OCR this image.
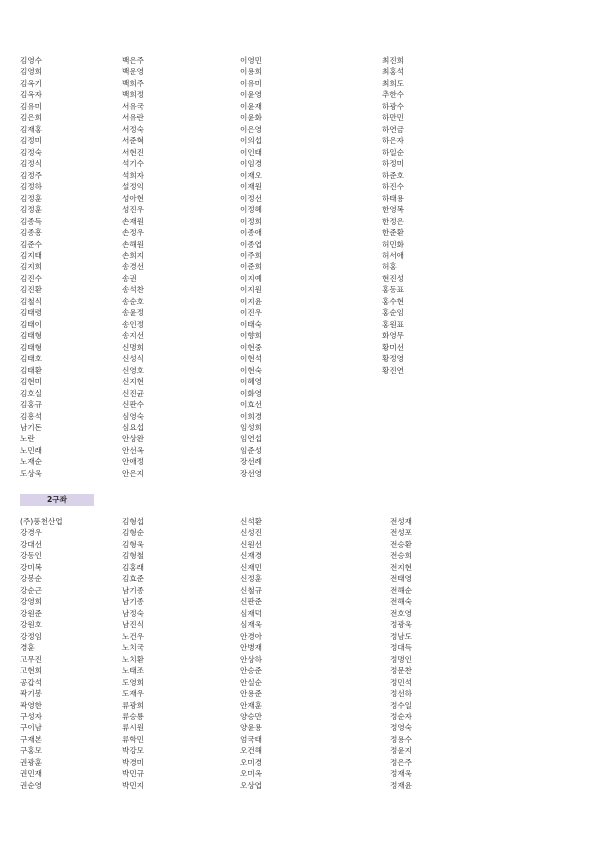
김영수	백은주	이영민	최진희
김영희	백운영	이용희	최홍석
김옥기	백희주	이유미	최희도
김옥자	백희정	이윤영	추한수
김유미	서유국	이윤재	하광수
김은희	서유란	이윤화	하만민
김재홍	서정숙	이은영	하연금
김정미	서준혁	이의섭	하은자
김정숙	서현진	이인태	하일순
김정식	석기수	이임경	하정미
김정주	석희자	이재오	하준호
김정하	설정익	이재원	하진수
김정훈	성아현	이정선	하태용
김정훈	성진우	이정혜	한영복
김종득	손재원	이정희	한정은
김종흥	손정우	이종애	한준환
김준수	손해원	이종엽	허민화
김지태	손희지	이주희	허서애
김지희	송경선	이준희	허홍
김진수	송권	이지예	현진성
김진환	송석찬	이지원	홍동표
김철식	송순호	이지윤	홍수현
김태령	송윤정	이진우	홍순임
김태이	송인정	이태숙	홍원표
김태형	송지선	이향희	화영무
김태형	신명희	이현중	황미선
김태호	신성식	이현석	황정영
김태환	신영호	이현숙	황진연
김현미	신지현	이혜영
김호실	신진균	이화영
김홍규	신판수	이효선
김흥석	심영숙	이희경
남기돈	심요섭	임성희
노란	안상완	임연섭
노민래	안선옥	임준성
노재순	안애정	장선례
도상욱	안은지	장선영
2구좌
(주)풍천산업	김형섭	신석환	전성재
강경우	김형순	신성진	전성포
강대선	김형욱	신원선	전승환
강동인	김형철	신재경	전승희
강미복	김홍래	신재민	전지현
강봉순	김효준	신정훈	전태영
강순근	남기종	신철규	전해순
강영희	남기종	신판준	전해숙
강원준	남정숙	심재덕	전호영
강원호	남진식	심재욱	정광욱
강정임	노건우	안경아	정남도
경훈	노치국	안병재	정대득
고무진	노치환	안상하	정명인
고현희	노태조	안승준	정문찬
공갑석	도영희	안실순	정민석
곽기봉	도재우	안용준	정선하
곽영한	류광희	안재훈	정수일
구성자	류승룡	양승만	정순자
구이남	류시원	양윤용	정영숙
구재본	류학민	엄국태	정용수
구홍모	박강모	오건해	정윤지
권광훈	박경미	오미경	정은주
권민재	박민규	오미옥	정재욱
권순영	박민지	오상엽	정재윤
